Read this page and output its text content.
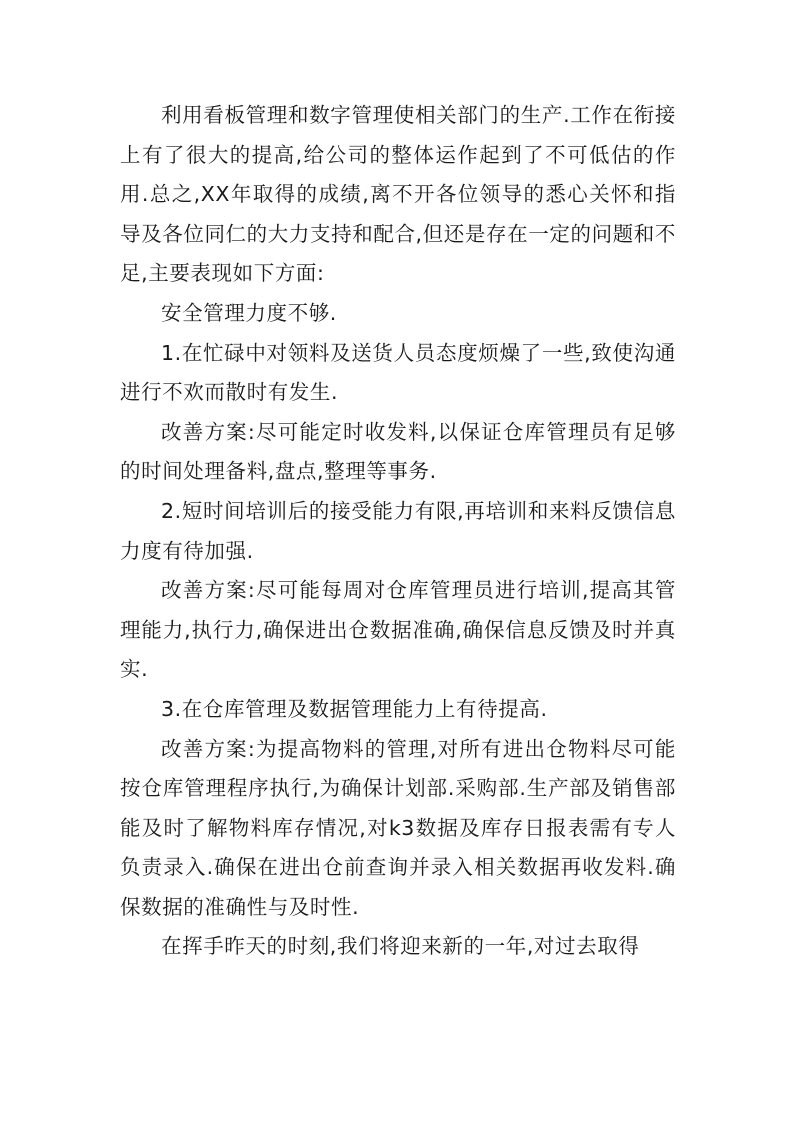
利用看板管理和数字管理使相关部门的生产.工作在衔接上有了很大的提高,给公司的整体运作起到了不可低估的作用.总之,XX年取得的成绩,离不开各位领导的悉心关怀和指导及各位同仁的大力支持和配合,但还是存在一定的问题和不足,主要表现如下方面:

安全管理力度不够.

1.在忙碌中对领料及送货人员态度烦燥了一些,致使沟通进行不欢而散时有发生.

改善方案:尽可能定时收发料,以保证仓库管理员有足够的时间处理备料,盘点,整理等事务.

2.短时间培训后的接受能力有限,再培训和来料反馈信息力度有待加强.

改善方案:尽可能每周对仓库管理员进行培训,提高其管理能力,执行力,确保进出仓数据准确,确保信息反馈及时并真实.

3.在仓库管理及数据管理能力上有待提高.

改善方案:为提高物料的管理,对所有进出仓物料尽可能按仓库管理程序执行,为确保计划部.采购部.生产部及销售部能及时了解物料库存情况,对k3数据及库存日报表需有专人负责录入.确保在进出仓前查询并录入相关数据再收发料.确保数据的准确性与及时性.

在挥手昨天的时刻,我们将迎来新的一年,对过去取得
